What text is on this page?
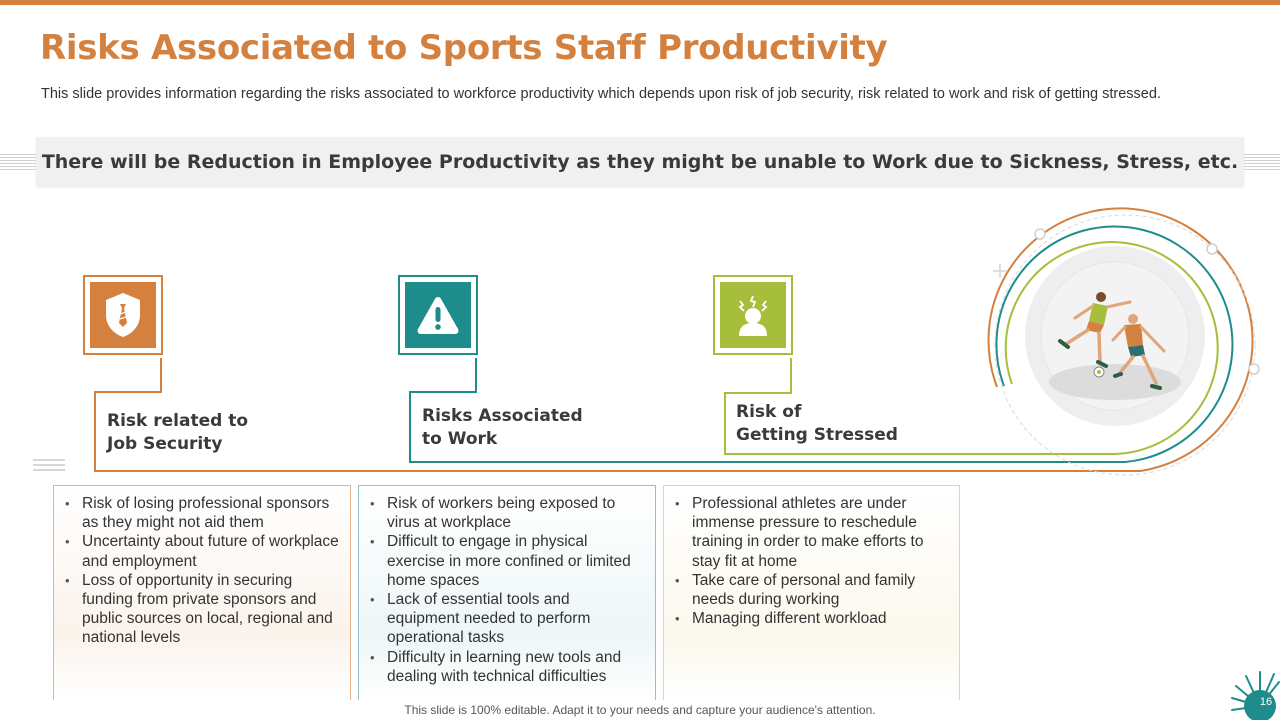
Risks Associated to Sports Staff Productivity

This slide provides information regarding the risks associated to workforce productivity which depends upon risk of job security, risk related to work and risk of getting stressed.

There will be Reduction in Employee Productivity as they might be unable to Work due to Sickness, Stress, etc.

Risk related to
Job Security

Risks Associated
to Work

Risk of
Getting Stressed

• Risk of losing professional sponsors as they might not aid them
• Uncertainty about future of workplace and employment
• Loss of opportunity in securing funding from private sponsors and public sources on local, regional and national levels
• Risk of workers being exposed to virus at workplace
• Difficult to engage in physical exercise in more confined or limited home spaces
• Lack of essential tools and equipment needed to perform operational tasks
• Difficulty in learning new tools and dealing with technical difficulties
• Professional athletes are under immense pressure to reschedule training in order to make efforts to stay fit at home
• Take care of personal and family needs during working
• Managing different workload
This slide is 100% editable. Adapt it to your needs and capture your audience's attention.
16
